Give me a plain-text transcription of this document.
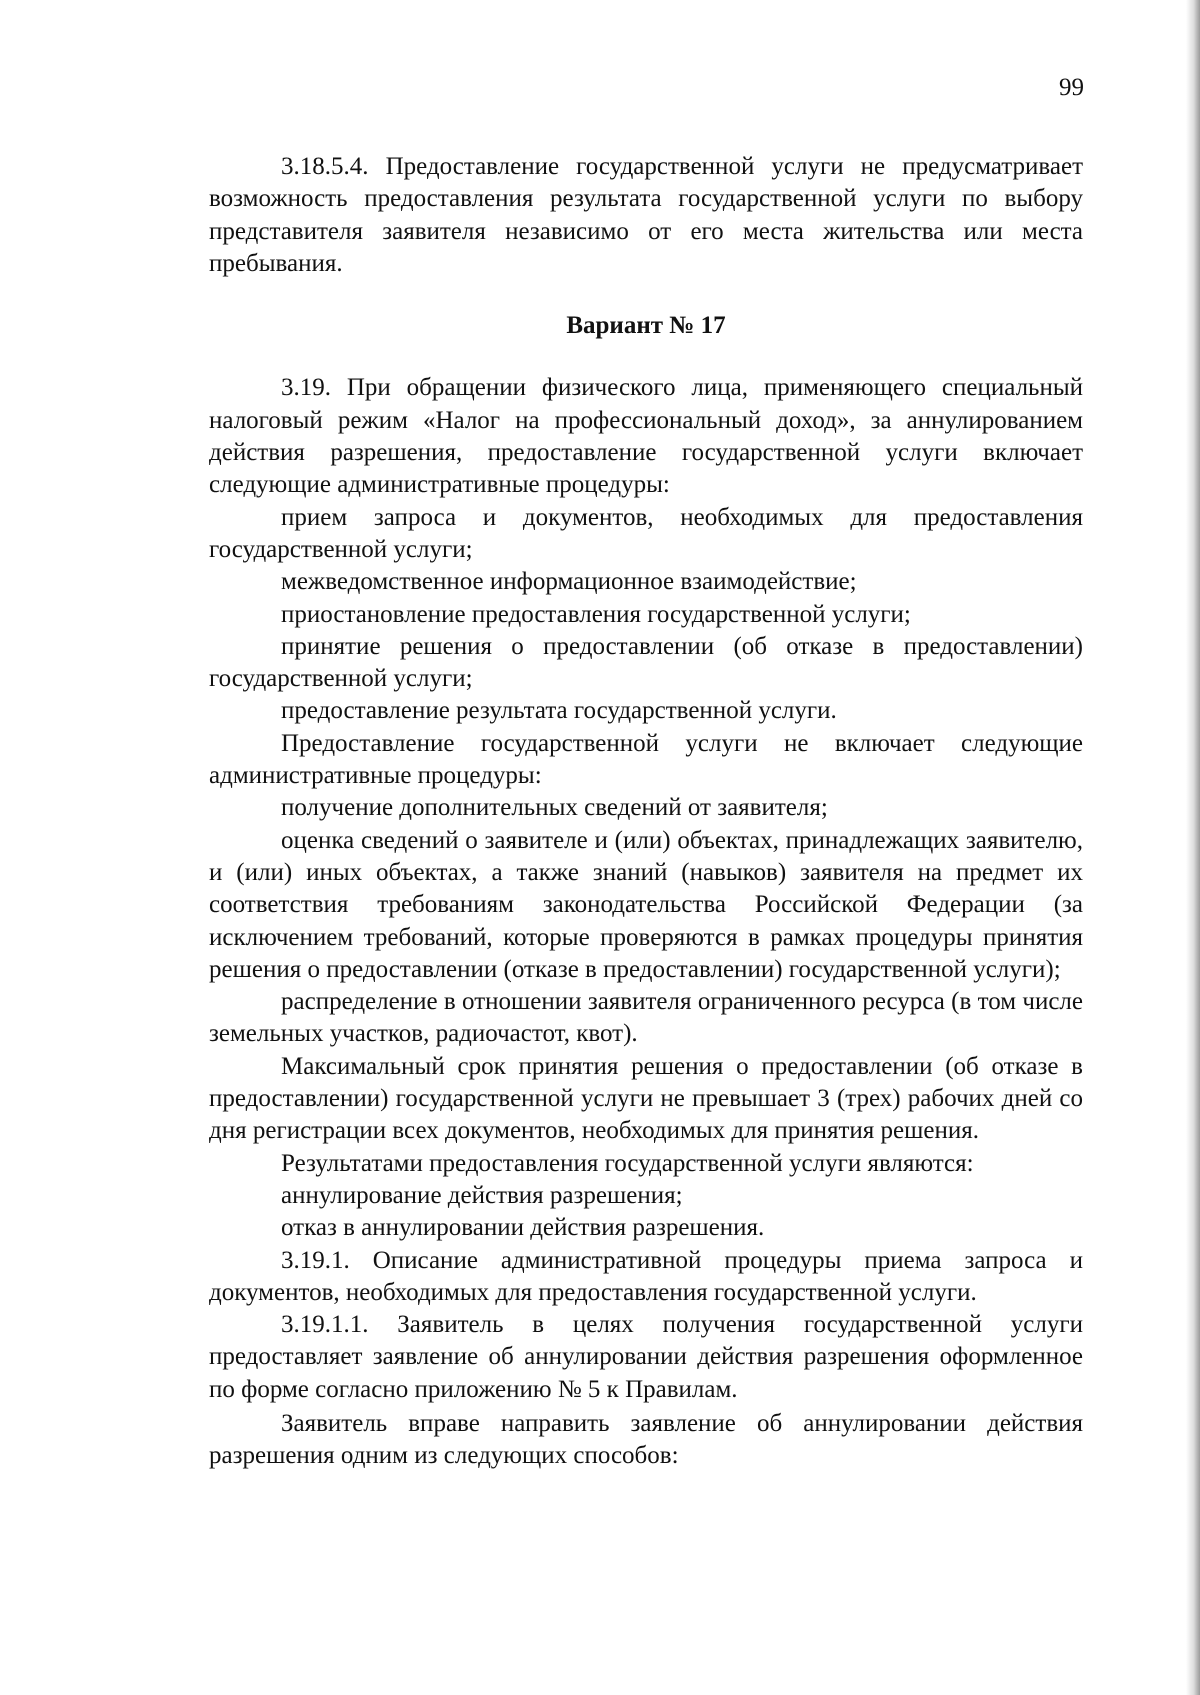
99

3.18.5.4. Предоставление государственной услуги не предусматривает возможность предоставления результата государственной услуги по выбору представителя заявителя независимо от его места жительства или места пребывания.

Вариант № 17

3.19. При обращении физического лица, применяющего специальный налоговый режим «Налог на профессиональный доход», за аннулированием действия разрешения, предоставление государственной услуги включает следующие административные процедуры:

прием запроса и документов, необходимых для предоставления государственной услуги;

межведомственное информационное взаимодействие;

приостановление предоставления государственной услуги;

принятие решения о предоставлении (об отказе в предоставлении) государственной услуги;

предоставление результата государственной услуги.

Предоставление государственной услуги не включает следующие административные процедуры:

получение дополнительных сведений от заявителя;

оценка сведений о заявителе и (или) объектах, принадлежащих заявителю, и (или) иных объектах, а также знаний (навыков) заявителя на предмет их соответствия требованиям законодательства Российской Федерации (за исключением требований, которые проверяются в рамках процедуры принятия решения о предоставлении (отказе в предоставлении) государственной услуги);

распределение в отношении заявителя ограниченного ресурса (в том числе земельных участков, радиочастот, квот).

Максимальный срок принятия решения о предоставлении (об отказе в предоставлении) государственной услуги не превышает 3 (трех) рабочих дней со дня регистрации всех документов, необходимых для принятия решения.

Результатами предоставления государственной услуги являются:

аннулирование действия разрешения;

отказ в аннулировании действия разрешения.

3.19.1. Описание административной процедуры приема запроса и документов, необходимых для предоставления государственной услуги.

3.19.1.1. Заявитель в целях получения государственной услуги предоставляет заявление об аннулировании действия разрешения оформленное по форме согласно приложению № 5 к Правилам.

Заявитель вправе направить заявление об аннулировании действия разрешения одним из следующих способов:
